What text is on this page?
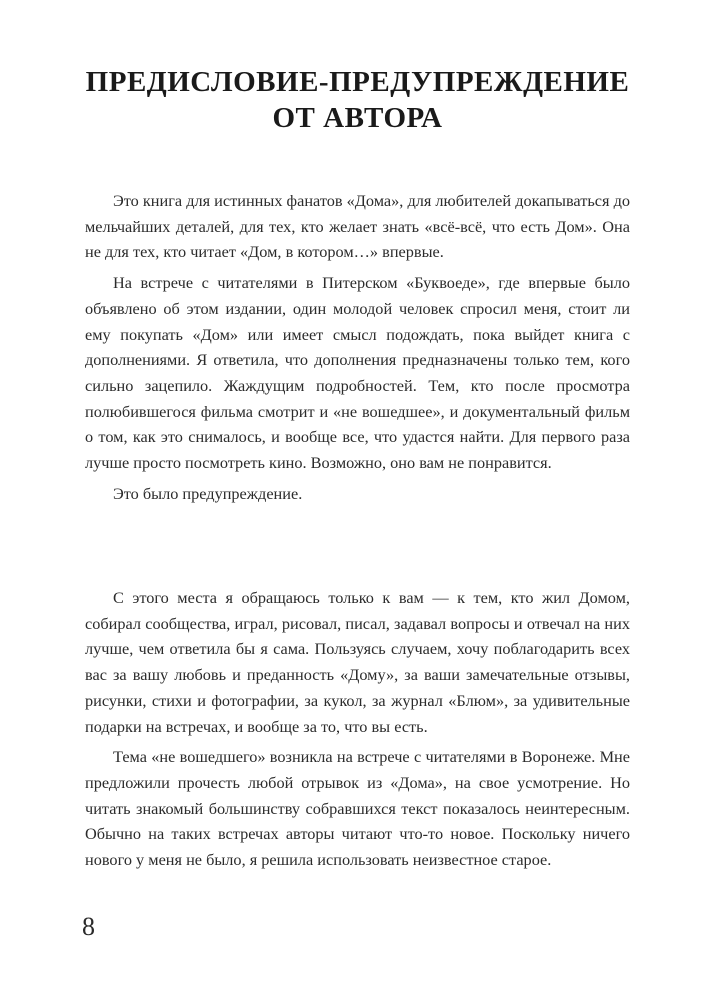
ПРЕДИСЛОВИЕ-ПРЕДУПРЕЖДЕНИЕ
ОТ АВТОРА

Это книга для истинных фанатов «Дома», для любителей докапываться до мельчайших деталей, для тех, кто желает знать «всё-всё, что есть Дом». Она не для тех, кто читает «Дом, в котором…» впервые.

На встрече с читателями в Питерском «Буквоеде», где впервые было объявлено об этом издании, один молодой человек спросил меня, стоит ли ему покупать «Дом» или имеет смысл подождать, пока выйдет книга с дополнениями. Я ответила, что дополнения предназначены только тем, кого сильно зацепило. Жаждущим подробностей. Тем, кто после просмотра полюбившегося фильма смотрит и «не вошедшее», и документальный фильм о том, как это снималось, и вообще все, что удастся найти. Для первого раза лучше просто посмотреть кино. Возможно, оно вам не понравится.

Это было предупреждение.

С этого места я обращаюсь только к вам — к тем, кто жил Домом, собирал сообщества, играл, рисовал, писал, задавал вопросы и отвечал на них лучше, чем ответила бы я сама. Пользуясь случаем, хочу поблагодарить всех вас за вашу любовь и преданность «Дому», за ваши замечательные отзывы, рисунки, стихи и фотографии, за кукол, за журнал «Блюм», за удивительные подарки на встречах, и вообще за то, что вы есть.

Тема «не вошедшего» возникла на встрече с читателями в Воронеже. Мне предложили прочесть любой отрывок из «Дома», на свое усмотрение. Но читать знакомый большинству собравшихся текст показалось неинтересным. Обычно на таких встречах авторы читают что-то новое. Поскольку ничего нового у меня не было, я решила использовать неизвестное старое.

8
